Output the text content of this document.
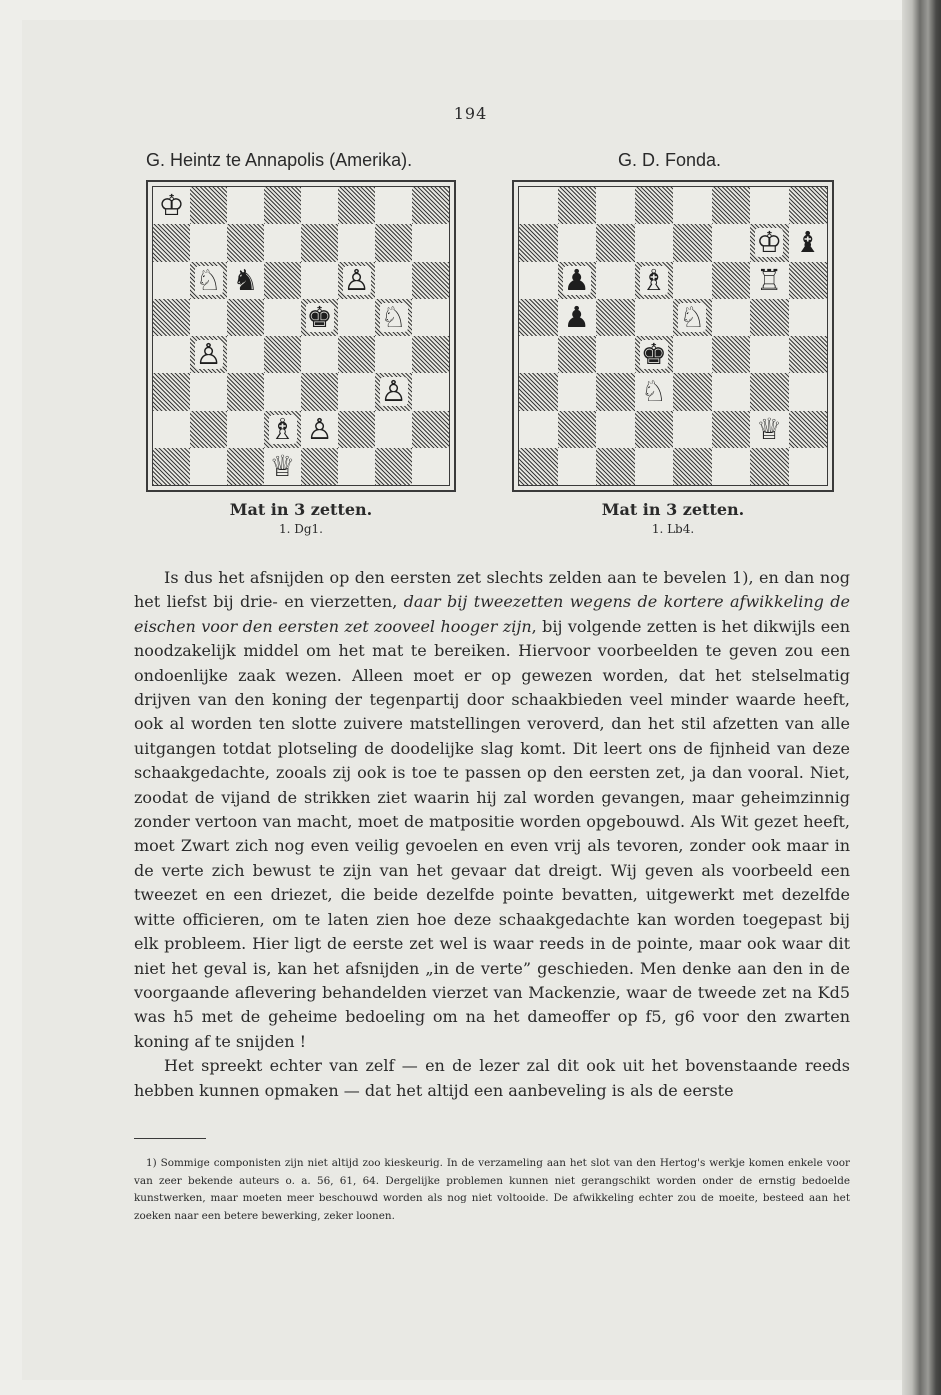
194
G. Heintz te Annapolis (Amerika).
♔
♘ ♞	♙
♚ ♘
♙
♙
♗ ♙
♕
Mat in 3 zetten.
1. Dg1.
G. D. Fonda.
♔ ♝
♟ ♗	♖
♟	♘
♚
♘
♕
Mat in 3 zetten.
1. Lb4.

Is dus het afsnijden op den eersten zet slechts zelden aan te bevelen 1), en dan nog het liefst bij drie- en vierzetten, daar bij tweezetten wegens de kortere afwikkeling de eischen voor den eersten zet zooveel hooger zijn, bij volgende zetten is het dikwijls een noodzakelijk middel om het mat te bereiken. Hiervoor voorbeelden te geven zou een ondoenlijke zaak wezen. Alleen moet er op gewezen worden, dat het stelselmatig drijven van den koning der tegenpartij door schaakbieden veel minder waarde heeft, ook al worden ten slotte zuivere matstellingen veroverd, dan het stil afzetten van alle uitgangen totdat plotseling de doodelijke slag komt. Dit leert ons de fijnheid van deze schaakgedachte, zooals zij ook is toe te passen op den eersten zet, ja dan vooral. Niet, zoodat de vijand de strikken ziet waarin hij zal worden gevangen, maar geheimzinnig zonder vertoon van macht, moet de matpositie worden opgebouwd. Als Wit gezet heeft, moet Zwart zich nog even veilig gevoelen en even vrij als tevoren, zonder ook maar in de verte zich bewust te zijn van het gevaar dat dreigt. Wij geven als voorbeeld een tweezet en een driezet, die beide dezelfde pointe bevatten, uitgewerkt met dezelfde witte officieren, om te laten zien hoe deze schaakgedachte kan worden toegepast bij elk probleem. Hier ligt de eerste zet wel is waar reeds in de pointe, maar ook waar dit niet het geval is, kan het afsnijden „in de verte” geschieden. Men denke aan den in de voorgaande aflevering behandelden vierzet van Mackenzie, waar de tweede zet na Kd5 was h5 met de geheime bedoeling om na het dameoffer op f5, g6 voor den zwarten koning af te snijden !

Het spreekt echter van zelf — en de lezer zal dit ook uit het bovenstaande reeds hebben kunnen opmaken — dat het altijd een aanbeveling is als de eerste

1) Sommige componisten zijn niet altijd zoo kieskeurig. In de verzameling aan het slot van den Hertog's werkje komen enkele voor van zeer bekende auteurs o. a. 56, 61, 64. Dergelijke problemen kunnen niet gerangschikt worden onder de ernstig bedoelde kunstwerken, maar moeten meer beschouwd worden als nog niet voltooide. De afwikkeling echter zou de moeite, besteed aan het zoeken naar een betere bewerking, zeker loonen.
